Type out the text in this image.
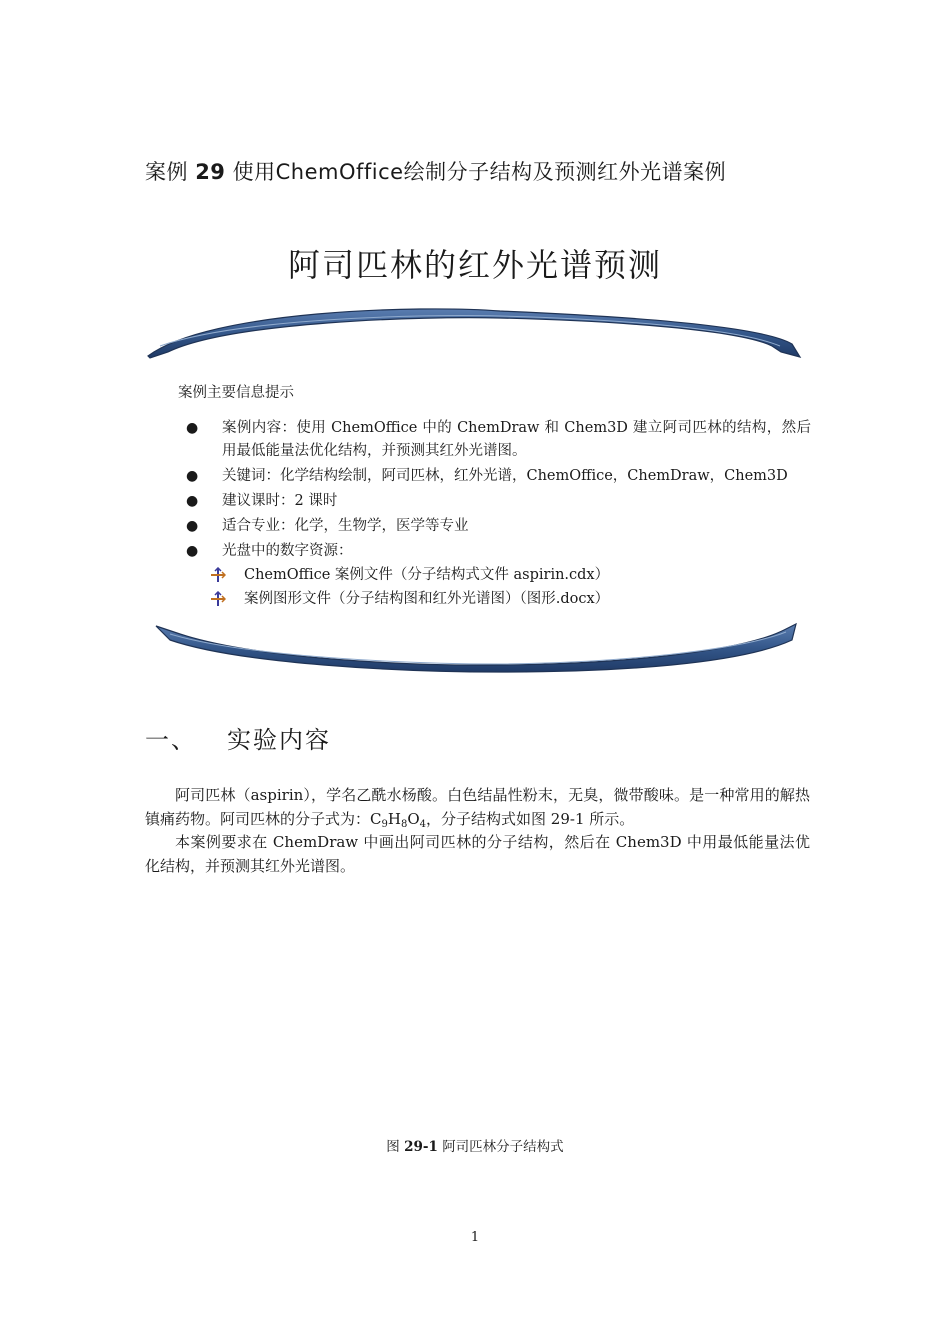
案例 29 使用ChemOffice绘制分子结构及预测红外光谱案例
阿司匹林的红外光谱预测
案例主要信息提示
●	案例内容：使用 ChemOffice 中的 ChemDraw 和 Chem3D 建立阿司匹林的结构，然后用最低能量法优化结构，并预测其红外光谱图。
●	关键词：化学结构绘制，阿司匹林，红外光谱，ChemOffice，ChemDraw，Chem3D
●	建议课时：2 课时
●	适合专业：化学，生物学，医学等专业
●	光盘中的数字资源：
ChemOffice 案例文件（分子结构式文件 aspirin.cdx）
案例图形文件（分子结构图和红外光谱图）（图形.docx）
一、 实验内容

阿司匹林（aspirin），学名乙酰水杨酸。白色结晶性粉末，无臭，微带酸味。是一种常用的解热镇痛药物。阿司匹林的分子式为：$C_9H_8O_4$，分子结构式如图 29-1 所示。

本案例要求在 ChemDraw 中画出阿司匹林的分子结构，然后在 Chem3D 中用最低能量法优化结构，并预测其红外光谱图。

图 29-1 阿司匹林分子结构式
1
